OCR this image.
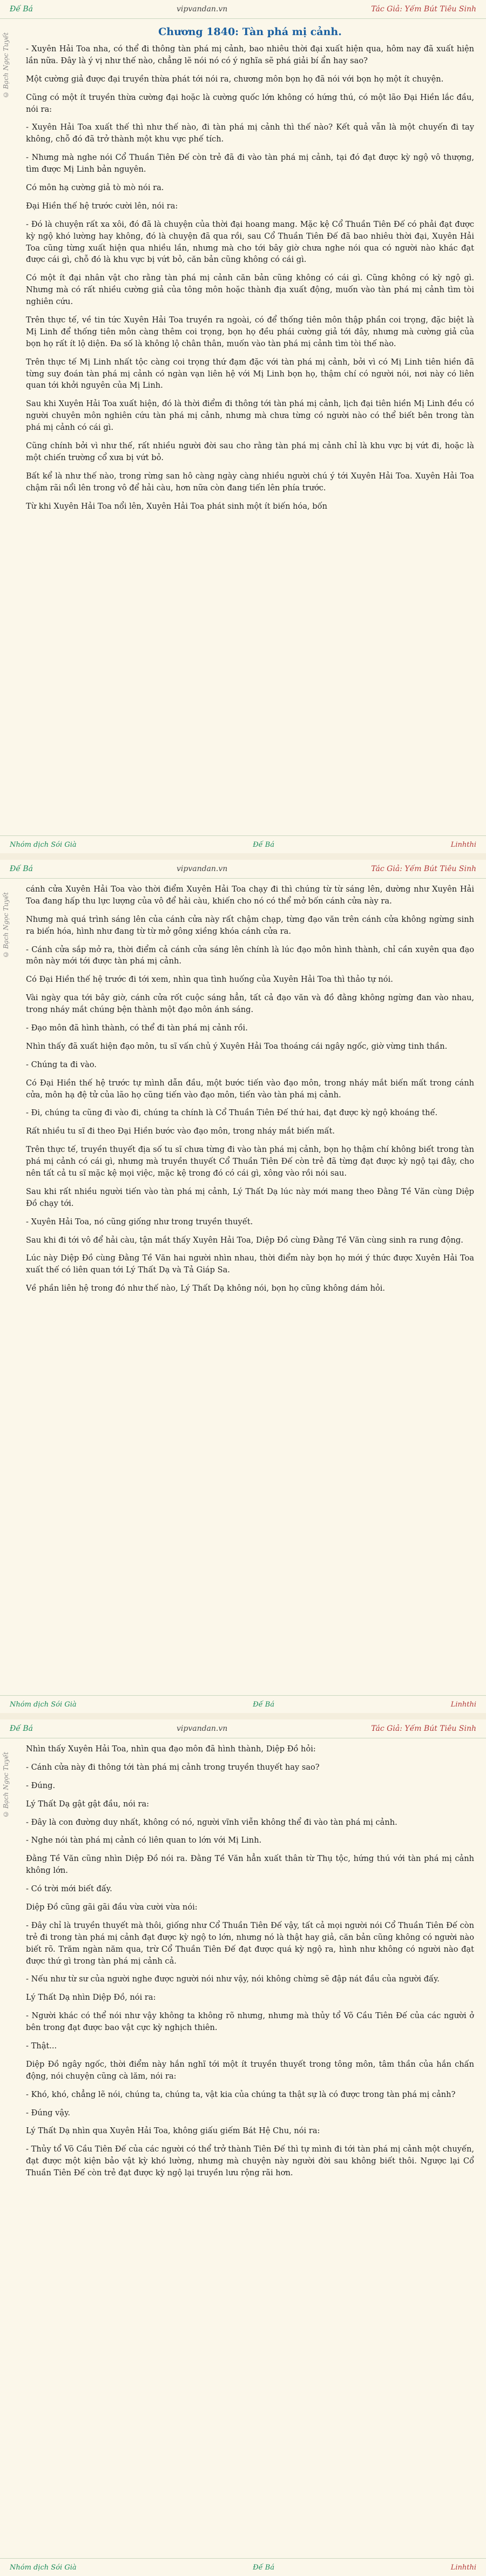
Đế Bá	vipvandan.vn	Tác Giả: Yếm Bút Tiêu Sinh
© Bạch Ngọc Tuyết
Chương 1840: Tàn phá mị cảnh.

- Xuyên Hải Toa nha, có thể đi thông tàn phá mị cảnh, bao nhiêu thời đại xuất hiện qua, hôm nay đã xuất hiện lần nữa. Đây là ý vị như thế nào, chẳng lẽ nói nó có ý nghĩa sẽ phá giải bí ẩn hay sao?

Một cường giả được đại truyền thừa phát tới nói ra, chương môn bọn họ đã nói với bọn họ một ít chuyện.

Cũng có một ít truyền thừa cường đại hoặc là cường quốc lớn không có hứng thú, có một lão Đại Hiền lắc đầu, nói ra:

- Xuyên Hải Toa xuất thế thì như thế nào, đi tàn phá mị cảnh thì thế nào? Kết quả vẫn là một chuyến đi tay không, chỗ đó đã trở thành một khu vực phế tích.

- Nhưng mà nghe nói Cổ Thuần Tiên Đế còn trẻ đã đi vào tàn phá mị cảnh, tại đó đạt được kỳ ngộ vô thượng, tìm được Mị Linh bản nguyên.

Có môn hạ cường giả tò mò nói ra.

Đại Hiền thế hệ trước cười lên, nói ra:

- Đó là chuyện rất xa xôi, đó đã là chuyện của thời đại hoang mang. Mặc kệ Cổ Thuần Tiên Đế có phải đạt được kỳ ngộ khó lường hay không, đó là chuyện đã qua rồi, sau Cổ Thuần Tiên Đế đã bao nhiêu thời đại, Xuyên Hải Toa cũng từng xuất hiện qua nhiều lần, nhưng mà cho tới bây giờ chưa nghe nói qua có người nào khác đạt được cái gì, chỗ đó là khu vực bị vứt bỏ, căn bản cũng không có cái gì.

Có một ít đại nhân vật cho rằng tàn phá mị cảnh căn bản cũng không có cái gì. Cũng không có kỳ ngộ gì. Nhưng mà có rất nhiều cường giả của tông môn hoặc thành địa xuất động, muốn vào tàn phá mị cảnh tìm tòi nghiên cứu.

Trên thực tế, về tin tức Xuyên Hải Toa truyền ra ngoài, có để thống tiên môn thập phần coi trọng, đặc biệt là Mị Linh để thống tiên môn càng thêm coi trọng, bọn họ đều phái cường giả tới đây, nhưng mà cường giả của bọn họ rất ít lộ diện. Đa số là không lộ chân thân, muốn vào tàn phá mị cảnh tìm tòi thế nào.

Trên thực tế Mị Linh nhất tộc càng coi trọng thứ đạm đặc với tàn phá mị cảnh, bởi vì có Mị Linh tiên hiền đã từng suy đoán tàn phá mị cảnh có ngàn vạn liên hệ với Mị Linh bọn họ, thậm chí có người nói, nơi này có liên quan tới khởi nguyên của Mị Linh.

Sau khi Xuyên Hải Toa xuất hiện, đó là thời điểm đi thông tới tàn phá mị cảnh, lịch đại tiên hiền Mị Linh đều có người chuyên môn nghiên cứu tàn phá mị cảnh, nhưng mà chưa từng có người nào có thể biết bên trong tàn phá mị cảnh có cái gì.

Cũng chính bởi vì như thế, rất nhiều người đời sau cho rằng tàn phá mị cảnh chỉ là khu vực bị vứt đi, hoặc là một chiến trường cổ xưa bị vứt bỏ.

Bất kể là như thế nào, trong rừng san hô càng ngày càng nhiều người chú ý tới Xuyên Hải Toa. Xuyên Hải Toa chậm rãi nổi lên trong vô để hải càu, hơn nữa còn đang tiến lên phía trước.

Từ khi Xuyên Hải Toa nổi lên, Xuyên Hải Toa phát sinh một ít biến hóa, bốn

Nhóm dịch Sói Già	Đế Bá	Linhthi
Đế Bá	vipvandan.vn	Tác Giả: Yếm Bút Tiêu Sinh
© Bạch Ngọc Tuyết

cánh cửa Xuyên Hải Toa vào thời điểm Xuyên Hải Toa chạy đi thì chúng từ từ sáng lên, dường như Xuyên Hải Toa đang hấp thu lực lượng của vô để hải càu, khiến cho nó có thể mở bốn cánh cửa này ra.

Nhưng mà quá trình sáng lên của cánh cửa này rất chậm chạp, từng đạo văn trên cánh cửa không ngừng sinh ra biến hóa, hình như đang từ từ mở gông xiềng khóa cánh cửa ra.

- Cánh cửa sắp mở ra, thời điểm cả cánh cửa sáng lên chính là lúc đạo môn hình thành, chỉ cần xuyên qua đạo môn này mới tới được tàn phá mị cảnh.

Có Đại Hiền thế hệ trước đi tới xem, nhìn qua tình huống của Xuyên Hải Toa thì thảo tự nói.

Vài ngày qua tới bây giờ, cánh cửa rốt cuộc sáng hẳn, tất cả đạo văn và đồ đằng không ngừng đan vào nhau, trong nháy mắt chúng bện thành một đạo môn ánh sáng.

- Đạo môn đã hình thành, có thể đi tàn phá mị cảnh rồi.

Nhìn thấy đã xuất hiện đạo môn, tu sĩ vấn chủ ý Xuyên Hải Toa thoáng cái ngây ngốc, giờ vừng tinh thần.

- Chúng ta đi vào.

Có Đại Hiền thế hệ trước tự mình dẫn đầu, một bước tiến vào đạo môn, trong nháy mắt biến mất trong cánh cửa, môn hạ đệ tử của lão họ cũng tiến vào đạo môn, tiến vào tàn phá mị cảnh.

- Đi, chúng ta cũng đi vào đi, chúng ta chính là Cổ Thuần Tiên Đế thứ hai, đạt được kỳ ngộ khoáng thế.

Rất nhiều tu sĩ đi theo Đại Hiền bước vào đạo môn, trong nháy mắt biến mất.

Trên thực tế, truyền thuyết địa số tu sĩ chưa từng đi vào tàn phá mị cảnh, bọn họ thậm chí không biết trong tàn phá mị cảnh có cái gì, nhưng mà truyền thuyết Cổ Thuần Tiên Đế còn trẻ đã từng đạt được kỳ ngộ tại đây, cho nên tất cả tu sĩ mặc kệ mọi việc, mặc kệ trong đó có cái gì, xông vào rồi nói sau.

Sau khi rất nhiều người tiến vào tàn phá mị cảnh, Lý Thất Dạ lúc này mới mang theo Đằng Tề Văn cùng Diệp Đồ chạy tới.

- Xuyên Hải Toa, nó cũng giống như trong truyền thuyết.

Sau khi đi tới vô để hải càu, tận mắt thấy Xuyên Hải Toa, Diệp Đồ cùng Đằng Tề Văn cùng sinh ra rung động.

Lúc này Diệp Đồ cùng Đằng Tề Văn hai người nhìn nhau, thời điểm này bọn họ mới ý thức được Xuyên Hải Toa xuất thế có liên quan tới Lý Thất Dạ và Tả Giáp Sa.

Về phần liên hệ trong đó như thế nào, Lý Thất Dạ không nói, bọn họ cũng không dám hỏi.

Nhóm dịch Sói Già	Đế Bá	Linhthi
Đế Bá	vipvandan.vn	Tác Giả: Yếm Bút Tiêu Sinh
© Bạch Ngọc Tuyết

Nhìn thấy Xuyên Hải Toa, nhìn qua đạo môn đã hình thành, Diệp Đồ hỏi:

- Cánh cửa này đi thông tới tàn phá mị cảnh trong truyền thuyết hay sao?

- Đúng.

Lý Thất Dạ gật gật đầu, nói ra:

- Đây là con đường duy nhất, không có nó, người vĩnh viễn không thể đi vào tàn phá mị cảnh.

- Nghe nói tàn phá mị cảnh có liên quan to lớn với Mị Linh.

Đằng Tề Văn cũng nhìn Diệp Đồ nói ra. Đằng Tề Văn hẳn xuất thân từ Thụ tộc, hứng thú với tàn phá mị cảnh không lớn.

- Có trời mới biết đấy.

Diệp Đồ cũng gãi gãi đầu vừa cười vừa nói:

- Đây chỉ là truyền thuyết mà thôi, giống như Cổ Thuần Tiên Đế vậy, tất cả mọi người nói Cổ Thuần Tiên Đế còn trẻ đi trong tàn phá mị cảnh đạt được kỳ ngộ to lớn, nhưng nó là thật hay giả, căn bản cũng không có người nào biết rõ. Trăm ngàn năm qua, trừ Cổ Thuần Tiên Đế đạt được quá kỳ ngộ ra, hình như không có người nào đạt được thứ gì trong tàn phá mị cảnh cả.

- Nếu như từ sư của người nghe được người nói như vậy, nói không chừng sẽ đập nát đầu của người đấy.

Lý Thất Dạ nhìn Diệp Đồ, nói ra:

- Người khác có thể nói như vậy không ta không rõ nhưng, nhưng mà thủy tổ Võ Cầu Tiên Đế của các người ở bên trong đạt được bao vật cực kỳ nghịch thiên.

- Thật...

Diệp Đồ ngây ngốc, thời điểm này hắn nghĩ tới một ít truyền thuyết trong tông môn, tâm thần của hắn chấn động, nói chuyện cũng cà lăm, nói ra:

- Khó, khó, chẳng lẽ nói, chúng ta, chúng ta, vật kia của chúng ta thật sự là có được trong tàn phá mị cảnh?

- Đúng vậy.

Lý Thất Dạ nhìn qua Xuyên Hải Toa, không giấu giếm Bát Hệ Chu, nói ra:

- Thủy tổ Võ Cầu Tiên Đế của các người có thể trở thành Tiên Đế thì tự mình đi tới tàn phá mị cảnh một chuyến, đạt được một kiện bảo vật kỳ khó lường, nhưng mà chuyện này người đời sau không biết thôi. Ngược lại Cổ Thuần Tiên Đế còn trẻ đạt được kỳ ngộ lại truyền lưu rộng rãi hơn.

Nhóm dịch Sói Già	Đế Bá	Linhthi
